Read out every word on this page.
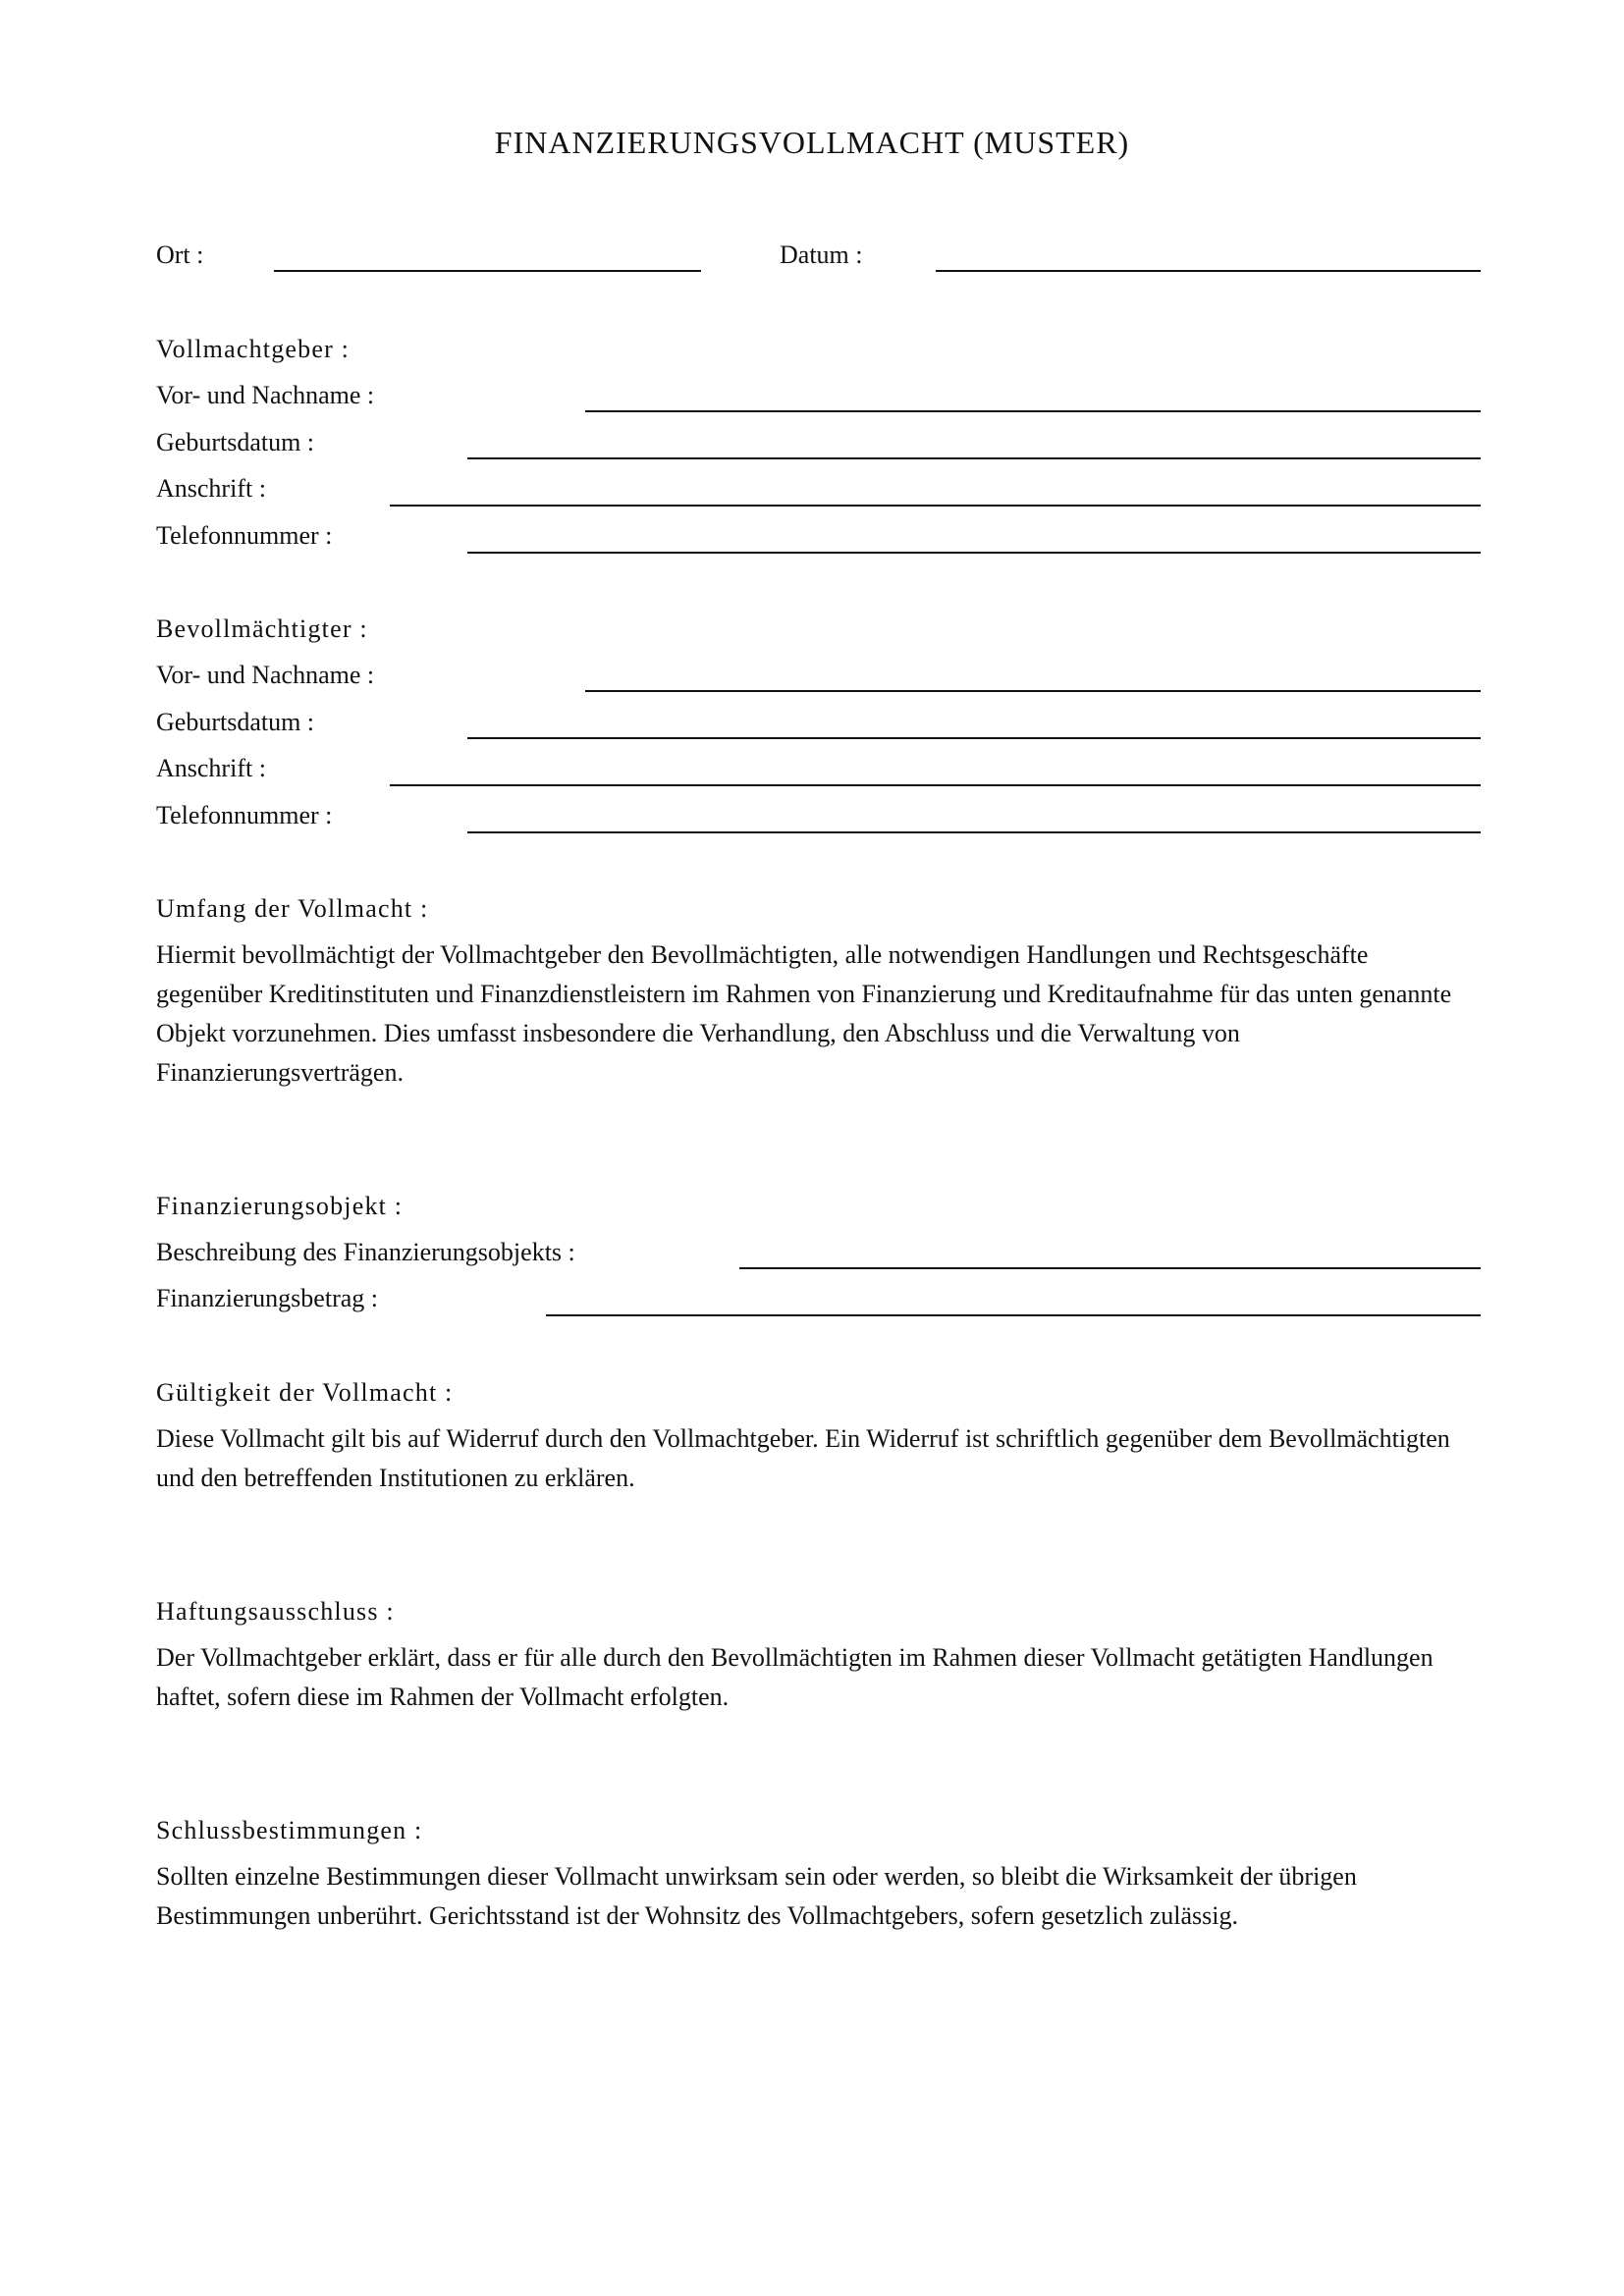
FINANZIERUNGSVOLLMACHT (MUSTER)
Ort :	Datum :
Vollmachtgeber :
Vor- und Nachname :
Geburtsdatum :
Anschrift :
Telefonnummer :
Bevollmächtigter :
Vor- und Nachname :
Geburtsdatum :
Anschrift :
Telefonnummer :
Umfang der Vollmacht :
Hiermit bevollmächtigt der Vollmachtgeber den Bevollmächtigten, alle notwendigen Handlungen und Rechtsgeschäfte gegenüber Kreditinstituten und Finanzdienstleistern im Rahmen von Finanzierung und Kreditaufnahme für das unten genannte Objekt vorzunehmen. Dies umfasst insbesondere die Verhandlung, den Abschluss und die Verwaltung von Finanzierungsverträgen.
Finanzierungsobjekt :
Beschreibung des Finanzierungsobjekts :
Finanzierungsbetrag :
Gültigkeit der Vollmacht :
Diese Vollmacht gilt bis auf Widerruf durch den Vollmachtgeber. Ein Widerruf ist schriftlich gegenüber dem Bevollmächtigten und den betreffenden Institutionen zu erklären.
Haftungsausschluss :
Der Vollmachtgeber erklärt, dass er für alle durch den Bevollmächtigten im Rahmen dieser Vollmacht getätigten Handlungen haftet, sofern diese im Rahmen der Vollmacht erfolgten.
Schlussbestimmungen :
Sollten einzelne Bestimmungen dieser Vollmacht unwirksam sein oder werden, so bleibt die Wirksamkeit der übrigen Bestimmungen unberührt. Gerichtsstand ist der Wohnsitz des Vollmachtgebers, sofern gesetzlich zulässig.
